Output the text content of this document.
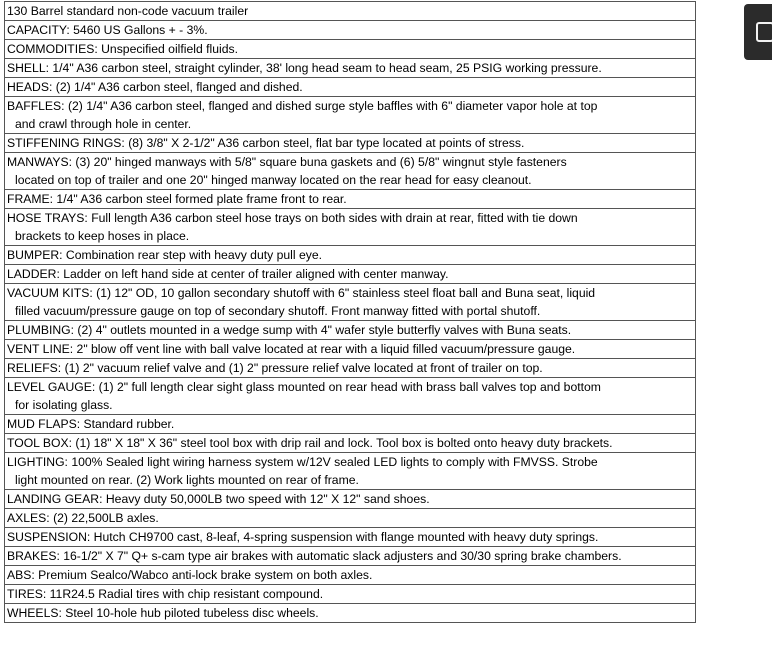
130 Barrel standard non-code vacuum trailer
CAPACITY: 5460 US Gallons + - 3%.
COMMODITIES: Unspecified oilfield fluids.
SHELL: 1/4" A36 carbon steel, straight cylinder, 38' long head seam to head seam, 25 PSIG working pressure.
HEADS: (2) 1/4" A36 carbon steel, flanged and dished.
BAFFLES: (2) 1/4" A36 carbon steel, flanged and dished surge style baffles with 6" diameter vapor hole at top
and crawl through hole in center.
STIFFENING RINGS: (8) 3/8" X 2-1/2" A36 carbon steel, flat bar type located at points of stress.
MANWAYS: (3) 20" hinged manways with 5/8" square buna gaskets and (6) 5/8" wingnut style fasteners
located on top of trailer and one 20" hinged manway located on the rear head for easy cleanout.
FRAME: 1/4" A36 carbon steel formed plate frame front to rear.
HOSE TRAYS: Full length A36 carbon steel hose trays on both sides with drain at rear, fitted with tie down
brackets to keep hoses in place.
BUMPER: Combination rear step with heavy duty pull eye.
LADDER: Ladder on left hand side at center of trailer aligned with center manway.
VACUUM KITS: (1) 12" OD, 10 gallon secondary shutoff with 6" stainless steel float ball and Buna seat, liquid
filled vacuum/pressure gauge on top of secondary shutoff. Front manway fitted with portal shutoff.
PLUMBING: (2) 4" outlets mounted in a wedge sump with 4" wafer style butterfly valves with Buna seats.
VENT LINE: 2" blow off vent line with ball valve located at rear with a liquid filled vacuum/pressure gauge.
RELIEFS: (1) 2" vacuum relief valve and (1) 2" pressure relief valve located at front of trailer on top.
LEVEL GAUGE: (1) 2" full length clear sight glass mounted on rear head with brass ball valves top and bottom
for isolating glass.
MUD FLAPS: Standard rubber.
TOOL BOX: (1) 18" X 18" X 36" steel tool box with drip rail and lock. Tool box is bolted onto heavy duty brackets.
LIGHTING: 100% Sealed light wiring harness system w/12V sealed LED lights to comply with FMVSS. Strobe
light mounted on rear. (2) Work lights mounted on rear of frame.
LANDING GEAR: Heavy duty 50,000LB two speed with 12" X 12" sand shoes.
AXLES: (2) 22,500LB axles.
SUSPENSION: Hutch CH9700 cast, 8-leaf, 4-spring suspension with flange mounted with heavy duty springs.
BRAKES: 16-1/2" X 7" Q+ s-cam type air brakes with automatic slack adjusters and 30/30 spring brake chambers.
ABS: Premium Sealco/Wabco anti-lock brake system on both axles.
TIRES: 11R24.5 Radial tires with chip resistant compound.
WHEELS: Steel 10-hole hub piloted tubeless disc wheels.
